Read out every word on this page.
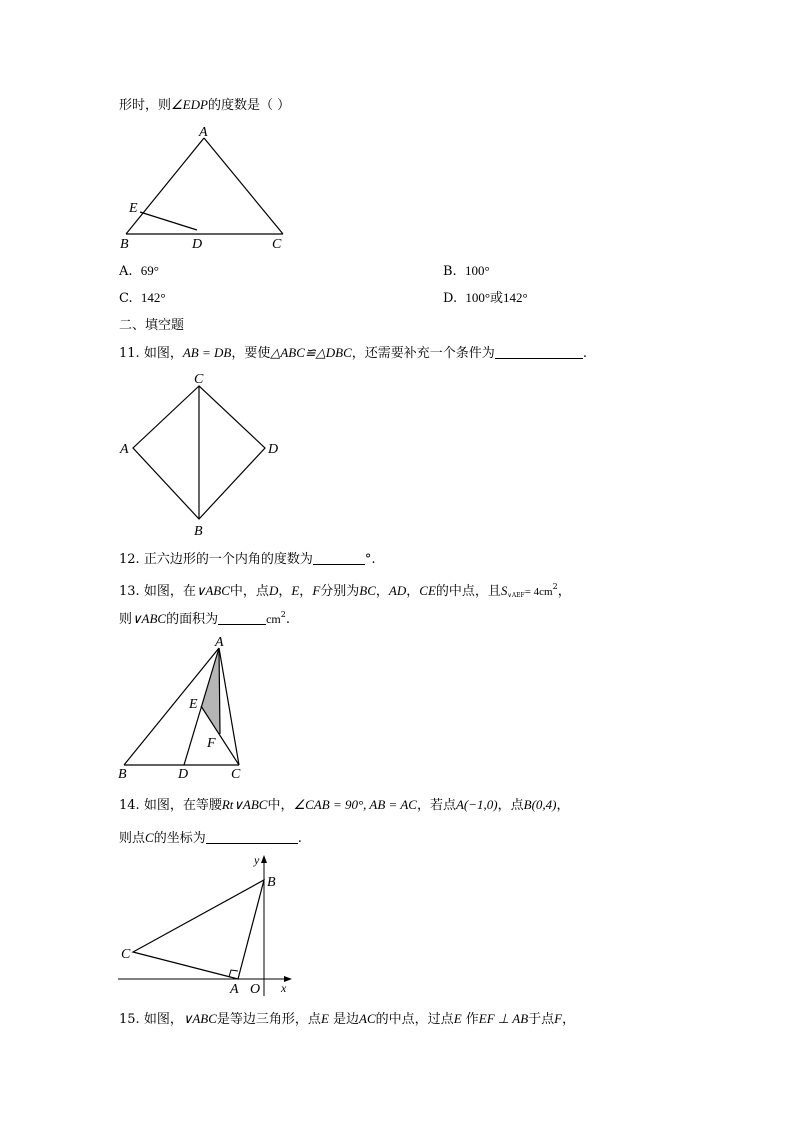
形时，则∠EDP的度数是（ ）
A
E
B	D	C
A. 69°	B. 100°
C. 142°	D. 100°或142°
二、填空题
11. 如图，AB = DB，要使△ABC≌△DBC，还需要补充一个条件为	.
C
A	D
B
12. 正六边形的一个内角的度数为	°.
13. 如图，在∨ABC中，点D，E，F分别为BC，AD，CE的中点，且$S_{\vee AEF}= 4cm^2$，
则∨ABC的面积为	$cm^2$.
A
E
F
B	D	C
14. 如图，在等腰Rt∨ABC中，∠CAB = 90°, AB = AC，若点A(−1,0)，点B(0,4)，
则点C的坐标为	.
y
B
C
A O x
15. 如图，∨ABC是等边三角形，点E 是边AC的中点，过点E 作EF ⊥ AB于点F，
